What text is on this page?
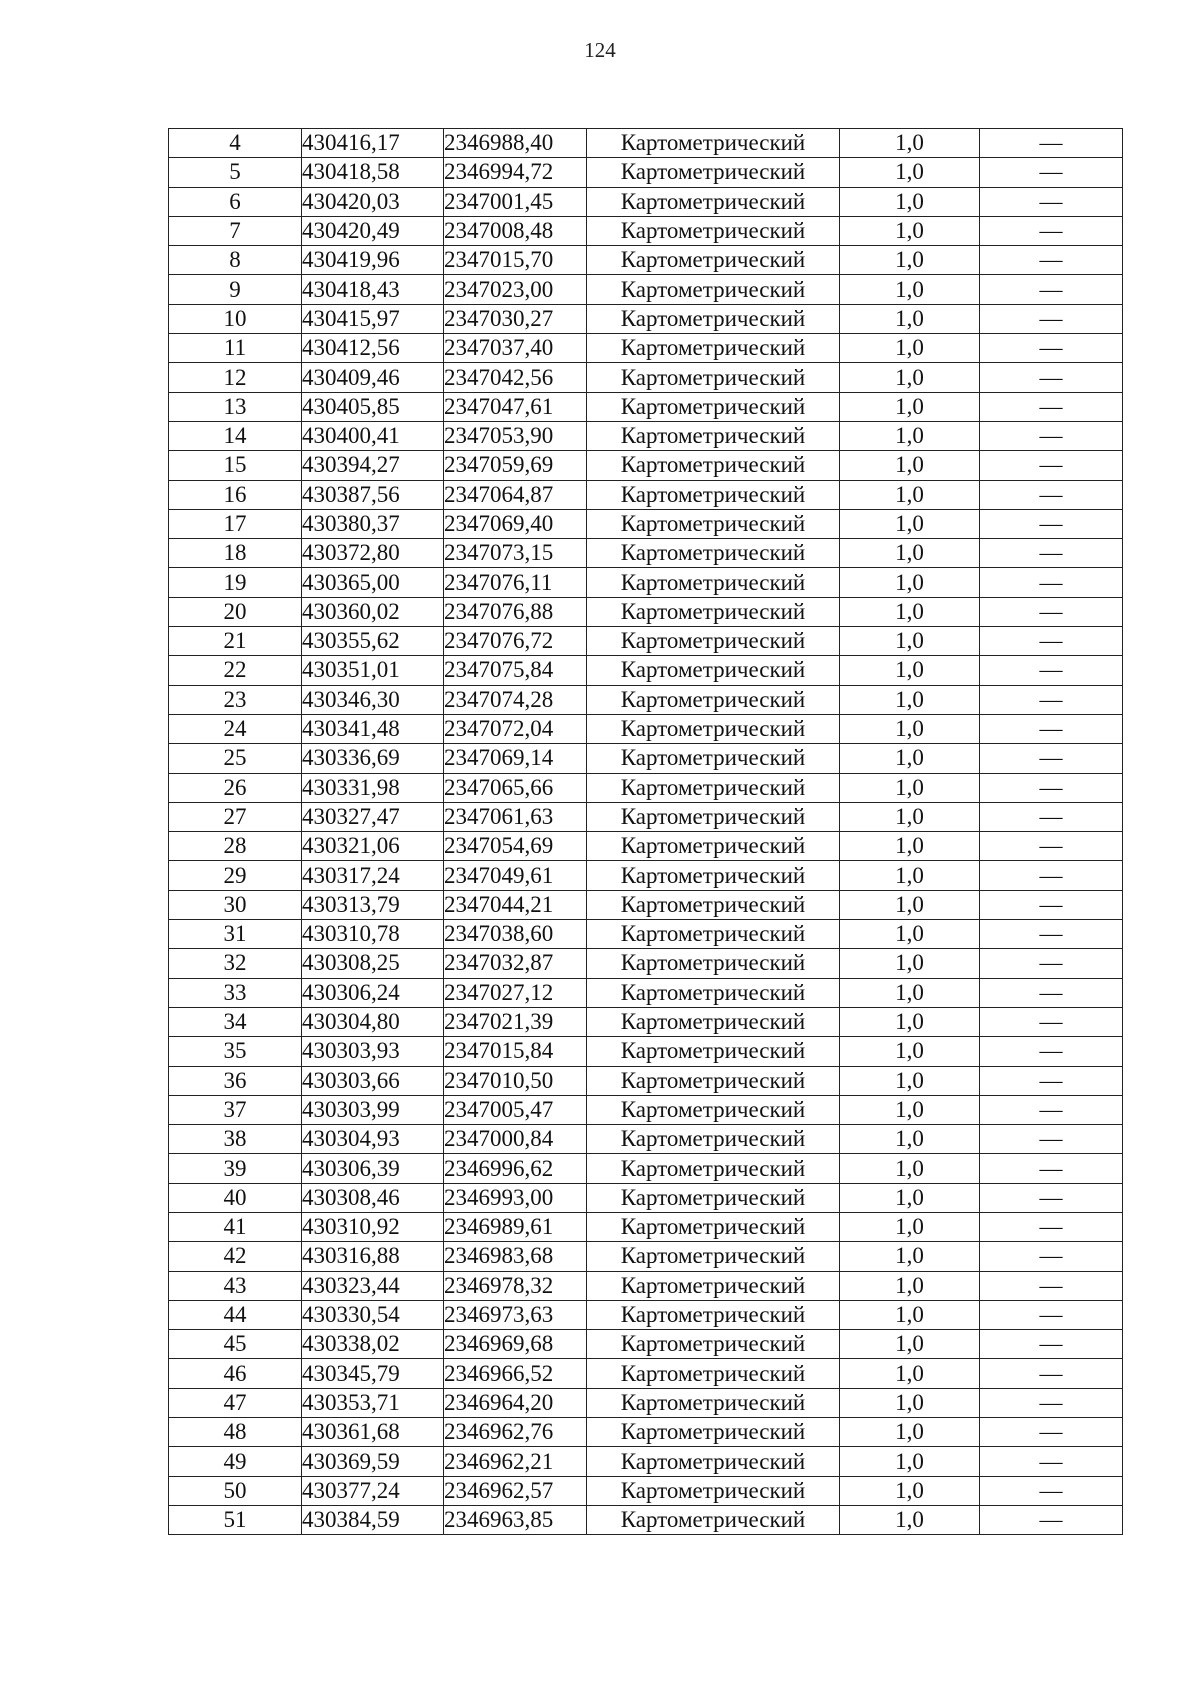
124
4	430416,17	2346988,40	Картометрический	1,0	—
5	430418,58	2346994,72	Картометрический	1,0	—
6	430420,03	2347001,45	Картометрический	1,0	—
7	430420,49	2347008,48	Картометрический	1,0	—
8	430419,96	2347015,70	Картометрический	1,0	—
9	430418,43	2347023,00	Картометрический	1,0	—
10	430415,97	2347030,27	Картометрический	1,0	—
11	430412,56	2347037,40	Картометрический	1,0	—
12	430409,46	2347042,56	Картометрический	1,0	—
13	430405,85	2347047,61	Картометрический	1,0	—
14	430400,41	2347053,90	Картометрический	1,0	—
15	430394,27	2347059,69	Картометрический	1,0	—
16	430387,56	2347064,87	Картометрический	1,0	—
17	430380,37	2347069,40	Картометрический	1,0	—
18	430372,80	2347073,15	Картометрический	1,0	—
19	430365,00	2347076,11	Картометрический	1,0	—
20	430360,02	2347076,88	Картометрический	1,0	—
21	430355,62	2347076,72	Картометрический	1,0	—
22	430351,01	2347075,84	Картометрический	1,0	—
23	430346,30	2347074,28	Картометрический	1,0	—
24	430341,48	2347072,04	Картометрический	1,0	—
25	430336,69	2347069,14	Картометрический	1,0	—
26	430331,98	2347065,66	Картометрический	1,0	—
27	430327,47	2347061,63	Картометрический	1,0	—
28	430321,06	2347054,69	Картометрический	1,0	—
29	430317,24	2347049,61	Картометрический	1,0	—
30	430313,79	2347044,21	Картометрический	1,0	—
31	430310,78	2347038,60	Картометрический	1,0	—
32	430308,25	2347032,87	Картометрический	1,0	—
33	430306,24	2347027,12	Картометрический	1,0	—
34	430304,80	2347021,39	Картометрический	1,0	—
35	430303,93	2347015,84	Картометрический	1,0	—
36	430303,66	2347010,50	Картометрический	1,0	—
37	430303,99	2347005,47	Картометрический	1,0	—
38	430304,93	2347000,84	Картометрический	1,0	—
39	430306,39	2346996,62	Картометрический	1,0	—
40	430308,46	2346993,00	Картометрический	1,0	—
41	430310,92	2346989,61	Картометрический	1,0	—
42	430316,88	2346983,68	Картометрический	1,0	—
43	430323,44	2346978,32	Картометрический	1,0	—
44	430330,54	2346973,63	Картометрический	1,0	—
45	430338,02	2346969,68	Картометрический	1,0	—
46	430345,79	2346966,52	Картометрический	1,0	—
47	430353,71	2346964,20	Картометрический	1,0	—
48	430361,68	2346962,76	Картометрический	1,0	—
49	430369,59	2346962,21	Картометрический	1,0	—
50	430377,24	2346962,57	Картометрический	1,0	—
51	430384,59	2346963,85	Картометрический	1,0	—
